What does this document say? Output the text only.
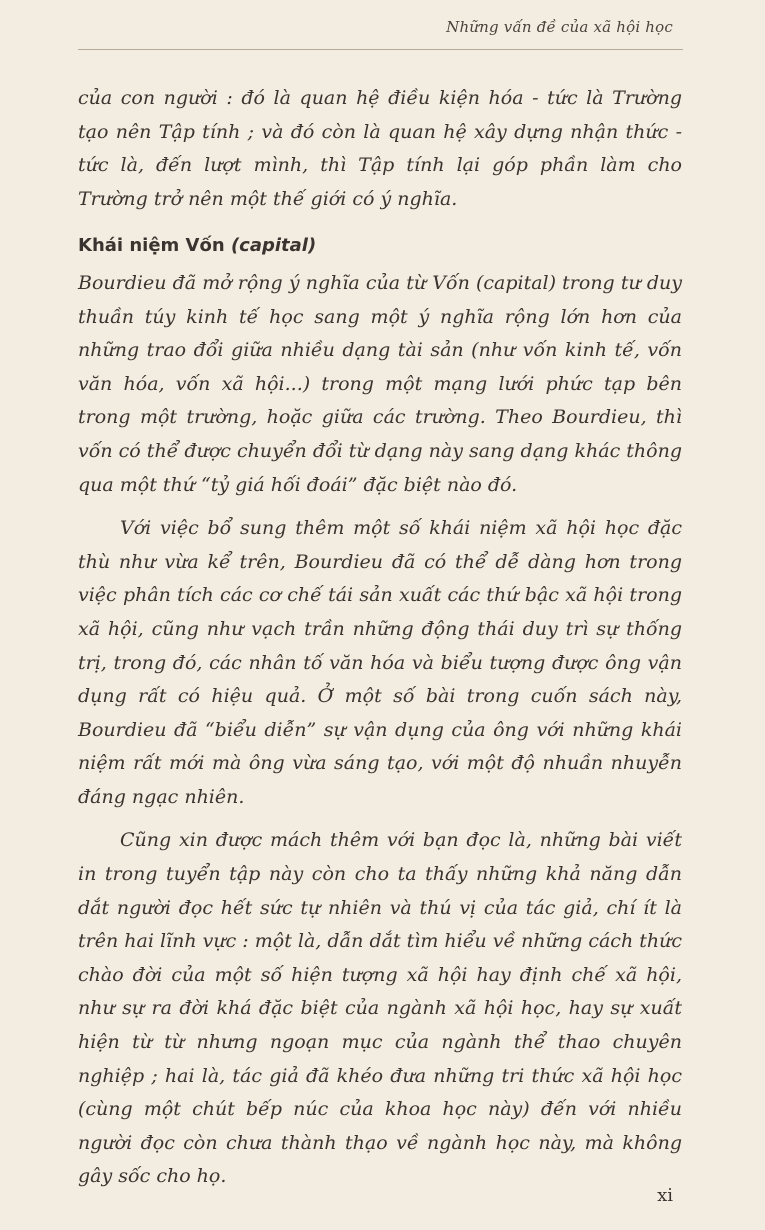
Những vấn đề của xã hội học

của con người : đó là quan hệ điều kiện hóa - tức là Trường tạo nên Tập tính ; và đó còn là quan hệ xây dựng nhận thức - tức là, đến lượt mình, thì Tập tính lại góp phần làm cho Trường trở nên một thế giới có ý nghĩa.

Khái niệm Vốn (capital)

Bourdieu đã mở rộng ý nghĩa của từ Vốn (capital) trong tư duy thuần túy kinh tế học sang một ý nghĩa rộng lớn hơn của những trao đổi giữa nhiều dạng tài sản (như vốn kinh tế, vốn văn hóa, vốn xã hội...) trong một mạng lưới phức tạp bên trong một trường, hoặc giữa các trường. Theo Bourdieu, thì vốn có thể được chuyển đổi từ dạng này sang dạng khác thông qua một thứ “tỷ giá hối đoái” đặc biệt nào đó.

Với việc bổ sung thêm một số khái niệm xã hội học đặc thù như vừa kể trên, Bourdieu đã có thể dễ dàng hơn trong việc phân tích các cơ chế tái sản xuất các thứ bậc xã hội trong xã hội, cũng như vạch trần những động thái duy trì sự thống trị, trong đó, các nhân tố văn hóa và biểu tượng được ông vận dụng rất có hiệu quả. Ở một số bài trong cuốn sách này, Bourdieu đã “biểu diễn” sự vận dụng của ông với những khái niệm rất mới mà ông vừa sáng tạo, với một độ nhuần nhuyễn đáng ngạc nhiên.

Cũng xin được mách thêm với bạn đọc là, những bài viết in trong tuyển tập này còn cho ta thấy những khả năng dẫn dắt người đọc hết sức tự nhiên và thú vị của tác giả, chí ít là trên hai lĩnh vực : một là, dẫn dắt tìm hiểu về những cách thức chào đời của một số hiện tượng xã hội hay định chế xã hội, như sự ra đời khá đặc biệt của ngành xã hội học, hay sự xuất hiện từ từ nhưng ngoạn mục của ngành thể thao chuyên nghiệp ; hai là, tác giả đã khéo đưa những tri thức xã hội học (cùng một chút bếp núc của khoa học này) đến với nhiều người đọc còn chưa thành thạo về ngành học này, mà không gây sốc cho họ.

xi
